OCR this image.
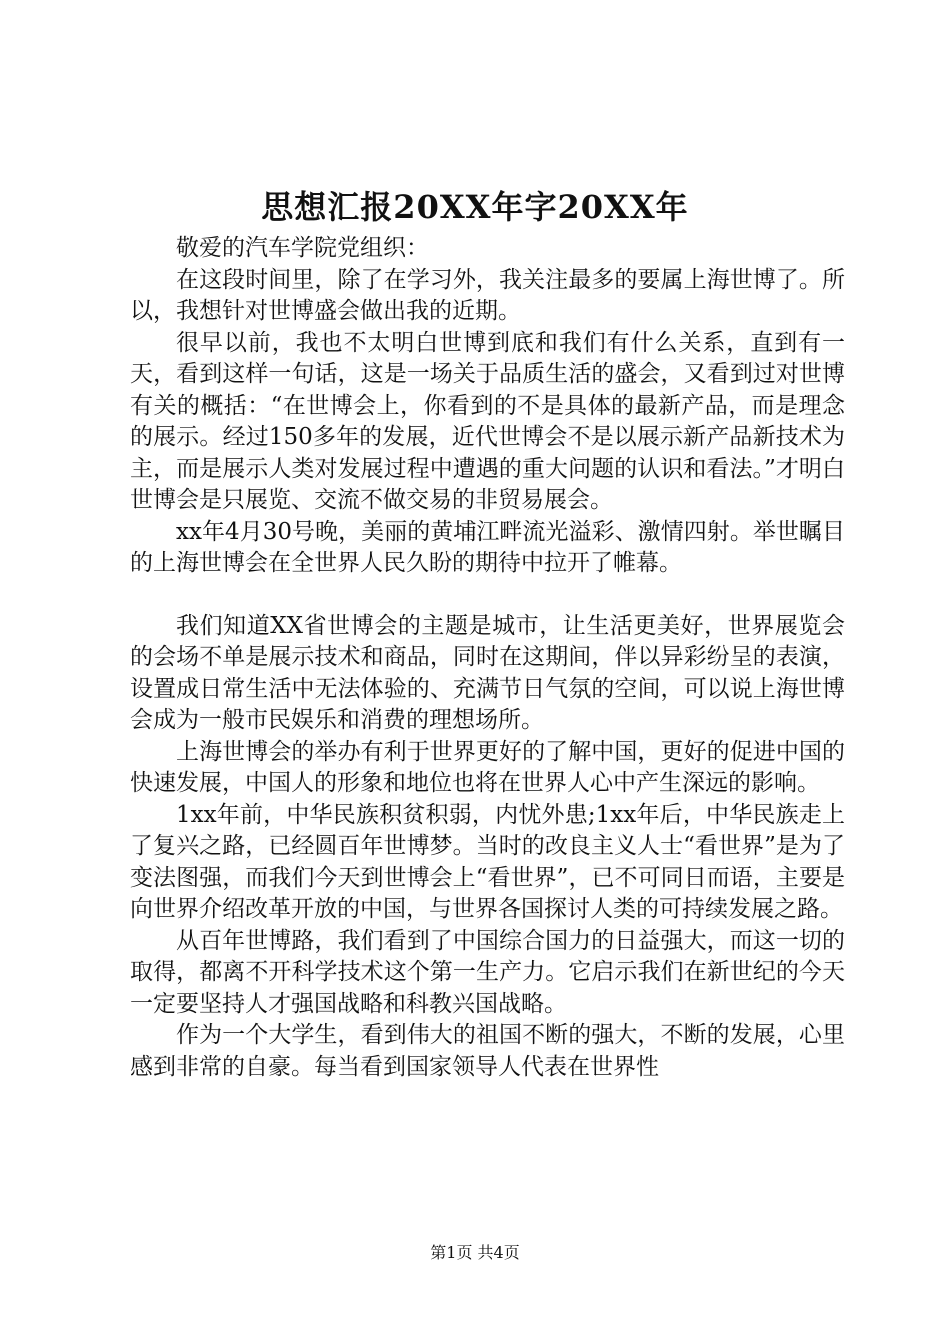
思想汇报20XX年字20XX年

敬爱的汽车学院党组织：

在这段时间里，除了在学习外，我关注最多的要属上海世博了。所以，我想针对世博盛会做出我的近期。

很早以前，我也不太明白世博到底和我们有什么关系，直到有一天，看到这样一句话，这是一场关于品质生活的盛会，又看到过对世博有关的概括：“在世博会上，你看到的不是具体的最新产品，而是理念的展示。经过150多年的发展，近代世博会不是以展示新产品新技术为主，而是展示人类对发展过程中遭遇的重大问题的认识和看法。”才明白世博会是只展览、交流不做交易的非贸易展会。

xx年4月30号晚，美丽的黄埔江畔流光溢彩、激情四射。举世瞩目的上海世博会在全世界人民久盼的期待中拉开了帷幕。

我们知道XX省世博会的主题是城市，让生活更美好，世界展览会的会场不单是展示技术和商品，同时在这期间，伴以异彩纷呈的表演，设置成日常生活中无法体验的、充满节日气氛的空间，可以说上海世博会成为一般市民娱乐和消费的理想场所。

上海世博会的举办有利于世界更好的了解中国，更好的促进中国的快速发展，中国人的形象和地位也将在世界人心中产生深远的影响。

1xx年前，中华民族积贫积弱，内忧外患;1xx年后，中华民族走上了复兴之路，已经圆百年世博梦。当时的改良主义人士“看世界”是为了变法图强，而我们今天到世博会上“看世界”，已不可同日而语，主要是向世界介绍改革开放的中国，与世界各国探讨人类的可持续发展之路。

从百年世博路，我们看到了中国综合国力的日益强大，而这一切的取得，都离不开科学技术这个第一生产力。它启示我们在新世纪的今天一定要坚持人才强国战略和科教兴国战略。

作为一个大学生，看到伟大的祖国不断的强大，不断的发展，心里感到非常的自豪。每当看到国家领导人代表在世界性

第1页 共4页
